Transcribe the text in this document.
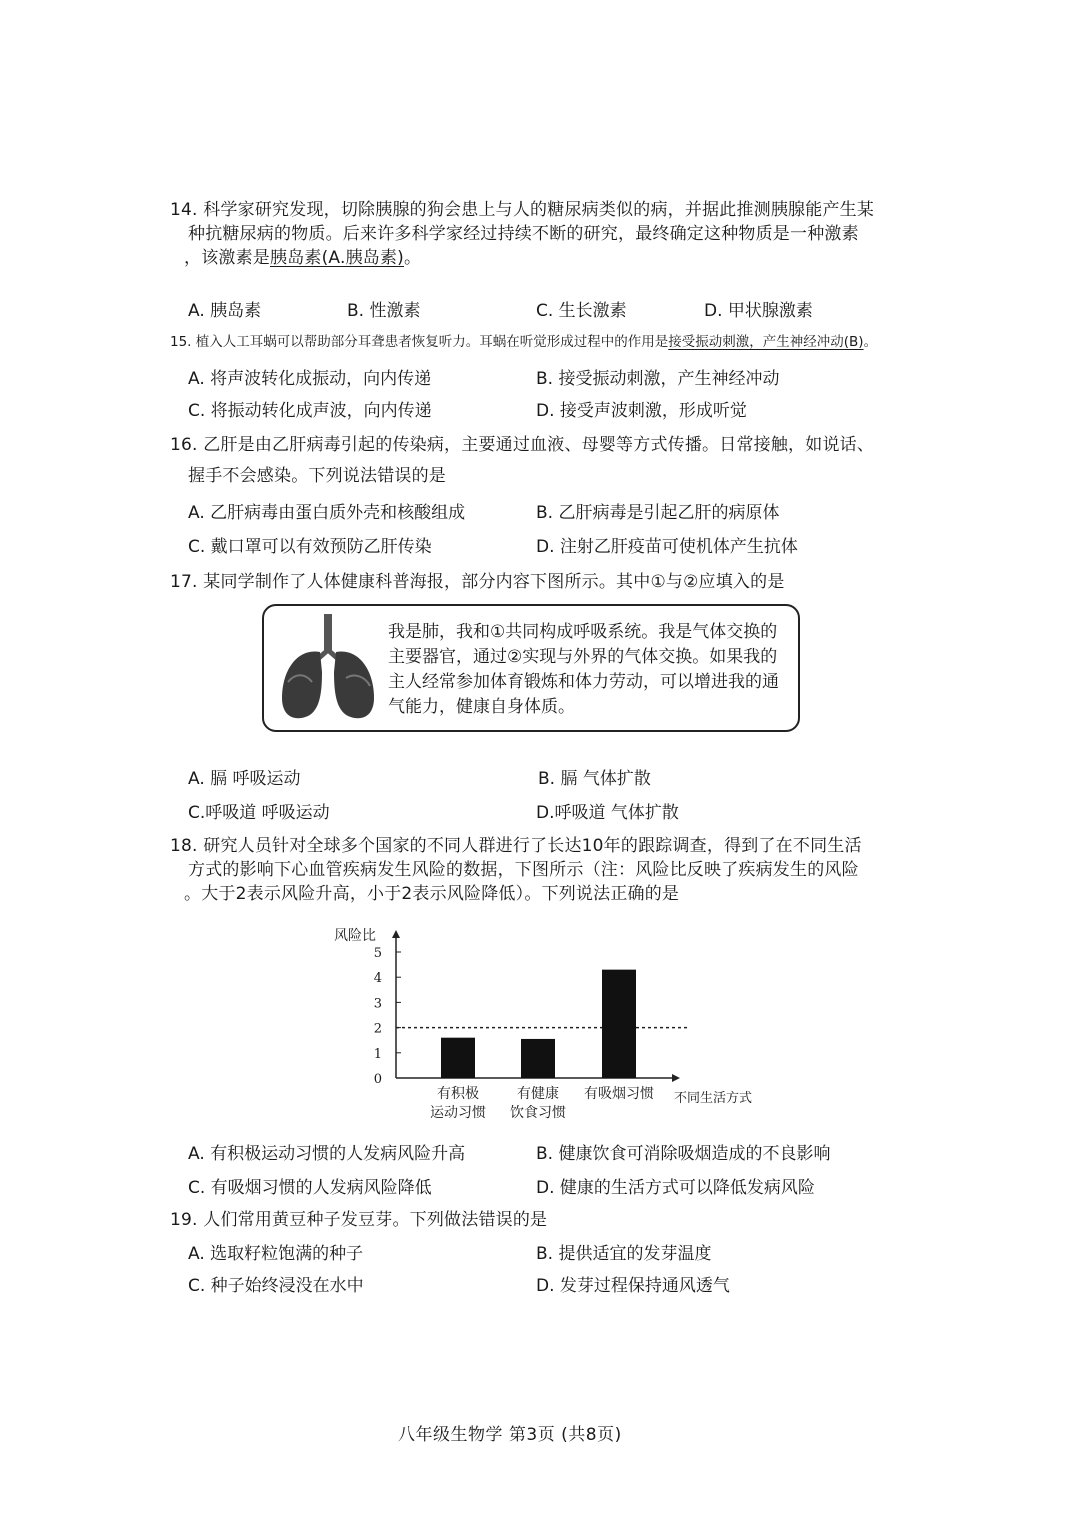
14. 科学家研究发现，切除胰腺的狗会患上与人的糖尿病类似的病，并据此推测胰腺能产生某
种抗糖尿病的物质。后来许多科学家经过持续不断的研究，最终确定这种物质是一种激素
，该激素是胰岛素(A.胰岛素)。
A. 胰岛素	B. 性激素	C. 生长激素	D. 甲状腺激素
15. 植入人工耳蜗可以帮助部分耳聋患者恢复听力。耳蜗在听觉形成过程中的作用是接受振动刺激，产生神经冲动(B)。
A. 将声波转化成振动，向内传递	B. 接受振动刺激，产生神经冲动
C. 将振动转化成声波，向内传递	D. 接受声波刺激，形成听觉
16. 乙肝是由乙肝病毒引起的传染病，主要通过血液、母婴等方式传播。日常接触，如说话、
握手不会感染。下列说法错误的是
A. 乙肝病毒由蛋白质外壳和核酸组成	B. 乙肝病毒是引起乙肝的病原体
C. 戴口罩可以有效预防乙肝传染	D. 注射乙肝疫苗可使机体产生抗体
17. 某同学制作了人体健康科普海报，部分内容下图所示。其中①与②应填入的是
我是肺，我和①共同构成呼吸系统。我是气体交换的主要器官，通过②实现与外界的气体交换。如果我的主人经常参加体育锻炼和体力劳动，可以增进我的通气能力，健康自身体质。
A. 膈 呼吸运动	B. 膈 气体扩散
C.呼吸道 呼吸运动	D.呼吸道 气体扩散
18. 研究人员针对全球多个国家的不同人群进行了长达10年的跟踪调查，得到了在不同生活
方式的影响下心血管疾病发生风险的数据，下图所示（注：风险比反映了疾病发生的风险
。大于2表示风险升高，小于2表示风险降低）。下列说法正确的是
风险比
0
1
2
3
4
5
有积极
运动习惯
有健康
饮食习惯
有吸烟习惯 不同生活方式
A. 有积极运动习惯的人发病风险升高	B. 健康饮食可消除吸烟造成的不良影响
C. 有吸烟习惯的人发病风险降低	D. 健康的生活方式可以降低发病风险
19. 人们常用黄豆种子发豆芽。下列做法错误的是
A. 选取籽粒饱满的种子	B. 提供适宜的发芽温度
C. 种子始终浸没在水中	D. 发芽过程保持通风透气
八年级生物学 第3页 (共8页)
